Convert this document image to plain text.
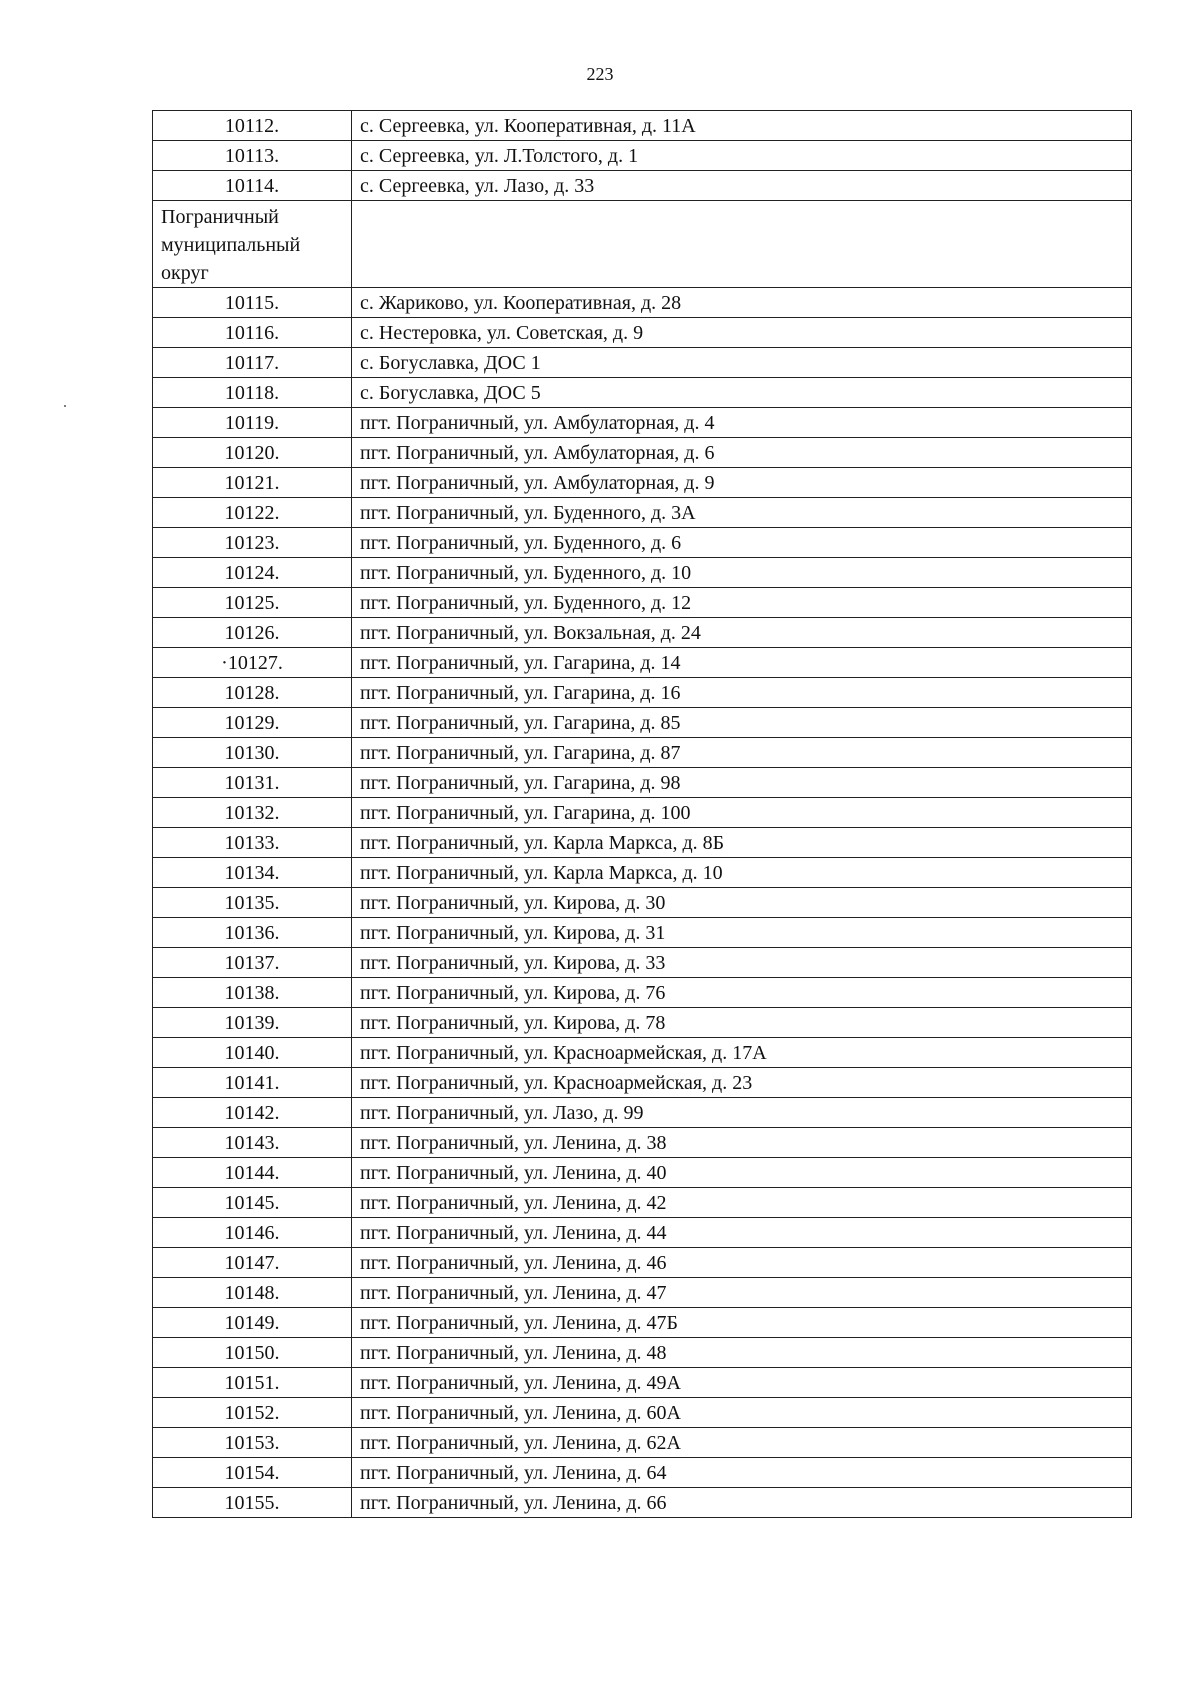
223
10112.	с. Сергеевка, ул. Кооперативная, д. 11А
10113.	с. Сергеевка, ул. Л.Толстого, д. 1
10114.	с. Сергеевка, ул. Лазо, д. 33
Пограничный муниципальный округ	
10115.	с. Жариково, ул. Кооперативная, д. 28
10116.	с. Нестеровка, ул. Советская, д. 9
10117.	с. Богуславка, ДОС 1
10118.	с. Богуславка, ДОС 5
10119.	пгт. Пограничный, ул. Амбулаторная, д. 4
10120.	пгт. Пограничный, ул. Амбулаторная, д. 6
10121.	пгт. Пограничный, ул. Амбулаторная, д. 9
10122.	пгт. Пограничный, ул. Буденного, д. 3А
10123.	пгт. Пограничный, ул. Буденного, д. 6
10124.	пгт. Пограничный, ул. Буденного, д. 10
10125.	пгт. Пограничный, ул. Буденного, д. 12
10126.	пгт. Пограничный, ул. Вокзальная, д. 24
·10127.	пгт. Пограничный, ул. Гагарина, д. 14
10128.	пгт. Пограничный, ул. Гагарина, д. 16
10129.	пгт. Пограничный, ул. Гагарина, д. 85
10130.	пгт. Пограничный, ул. Гагарина, д. 87
10131.	пгт. Пограничный, ул. Гагарина, д. 98
10132.	пгт. Пограничный, ул. Гагарина, д. 100
10133.	пгт. Пограничный, ул. Карла Маркса, д. 8Б
10134.	пгт. Пограничный, ул. Карла Маркса, д. 10
10135.	пгт. Пограничный, ул. Кирова, д. 30
10136.	пгт. Пограничный, ул. Кирова, д. 31
10137.	пгт. Пограничный, ул. Кирова, д. 33
10138.	пгт. Пограничный, ул. Кирова, д. 76
10139.	пгт. Пограничный, ул. Кирова, д. 78
10140.	пгт. Пограничный, ул. Красноармейская, д. 17А
10141.	пгт. Пограничный, ул. Красноармейская, д. 23
10142.	пгт. Пограничный, ул. Лазо, д. 99
10143.	пгт. Пограничный, ул. Ленина, д. 38
10144.	пгт. Пограничный, ул. Ленина, д. 40
10145.	пгт. Пограничный, ул. Ленина, д. 42
10146.	пгт. Пограничный, ул. Ленина, д. 44
10147.	пгт. Пограничный, ул. Ленина, д. 46
10148.	пгт. Пограничный, ул. Ленина, д. 47
10149.	пгт. Пограничный, ул. Ленина, д. 47Б
10150.	пгт. Пограничный, ул. Ленина, д. 48
10151.	пгт. Пограничный, ул. Ленина, д. 49А
10152.	пгт. Пограничный, ул. Ленина, д. 60А
10153.	пгт. Пограничный, ул. Ленина, д. 62А
10154.	пгт. Пограничный, ул. Ленина, д. 64
10155.	пгт. Пограничный, ул. Ленина, д. 66
